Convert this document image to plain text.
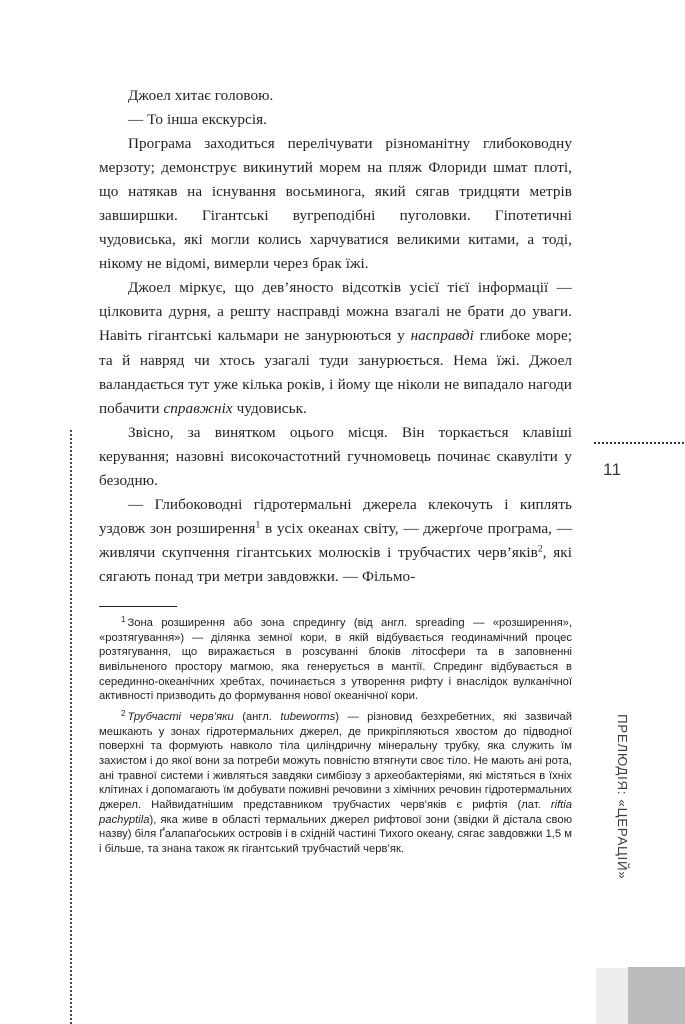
Джоел хитає головою.

— То інша екскурсія.

Програма заходиться перелічувати різноманітну глибоководну мерзоту; демонструє викинутий морем на пляж Флориди шмат плоті, що натякав на існування восьминога, який сягав тридцяти метрів завширшки. Гігантські вугреподібні пуголовки. Гіпотетичні чудовиська, які могли колись харчуватися великими китами, а тоді, нікому не відомі, вимерли через брак їжі.

Джоел міркує, що дев’яносто відсотків усієї тієї інформації — цілковита дурня, а решту насправді можна взагалі не брати до уваги. Навіть гігантські кальмари не занурюються у насправді глибоке море; та й навряд чи хтось узагалі туди занурюється. Нема їжі. Джоел валандається тут уже кілька років, і йому ще ніколи не випадало нагоди побачити справжніх чудовиськ.

Звісно, за винятком оцього місця. Він торкається клавіші керування; назовні високочастотний гучномовець починає скавуліти у безодню.

— Глибоководні гідротермальні джерела клекочуть і киплять уздовж зон розширення$^1$ в усіх океанах світу, — джерґоче програма, — живлячи скупчення гігантських молюсків і трубчастих черв’яків$^2$, які сягають понад три метри завдовжки. — Фільмо-

$^1$ Зона розширення або зона спредингу (від англ. spreading — «розширення», «розтягування») — ділянка земної кори, в якій відбувається геодинамічний процес розтягування, що виражається в розсуванні блоків літосфери та в заповненні вивільненого простору магмою, яка генерується в мантії. Спрединг відбувається в серединно-океанічних хребтах, починається з утворення рифту і внаслідок вулканічної активності призводить до формування нової океанічної кори.

$^2$ Трубчасті черв’яки (англ. tubeworms) — різновид безхребетних, які зазвичай мешкають у зонах гідротермальних джерел, де прикріпляються хвостом до підводної поверхні та формують навколо тіла циліндричну мінеральну трубку, яка служить їм захистом і до якої вони за потреби можуть повністю втягнути своє тіло. Не мають ані рота, ані травної системи і живляться завдяки симбіозу з археобактеріями, які містяться в їхніх клітинах і допомагають їм добувати поживні речовини з хімічних речовин гідротермальних джерел. Найвидатнішим представником трубчастих черв’яків є рифтія (лат. riftia pachyptila), яка живе в області термальних джерел рифтової зони (звідки й дістала свою назву) біля Ґалапаґоських островів і в східній частині Тихого океану, сягає завдовжки 1,5 м і більше, та знана також як гігантський трубчастий черв’як.

11
ПРЕЛЮДІЯ: «ЦЕРАЦІЙ»
